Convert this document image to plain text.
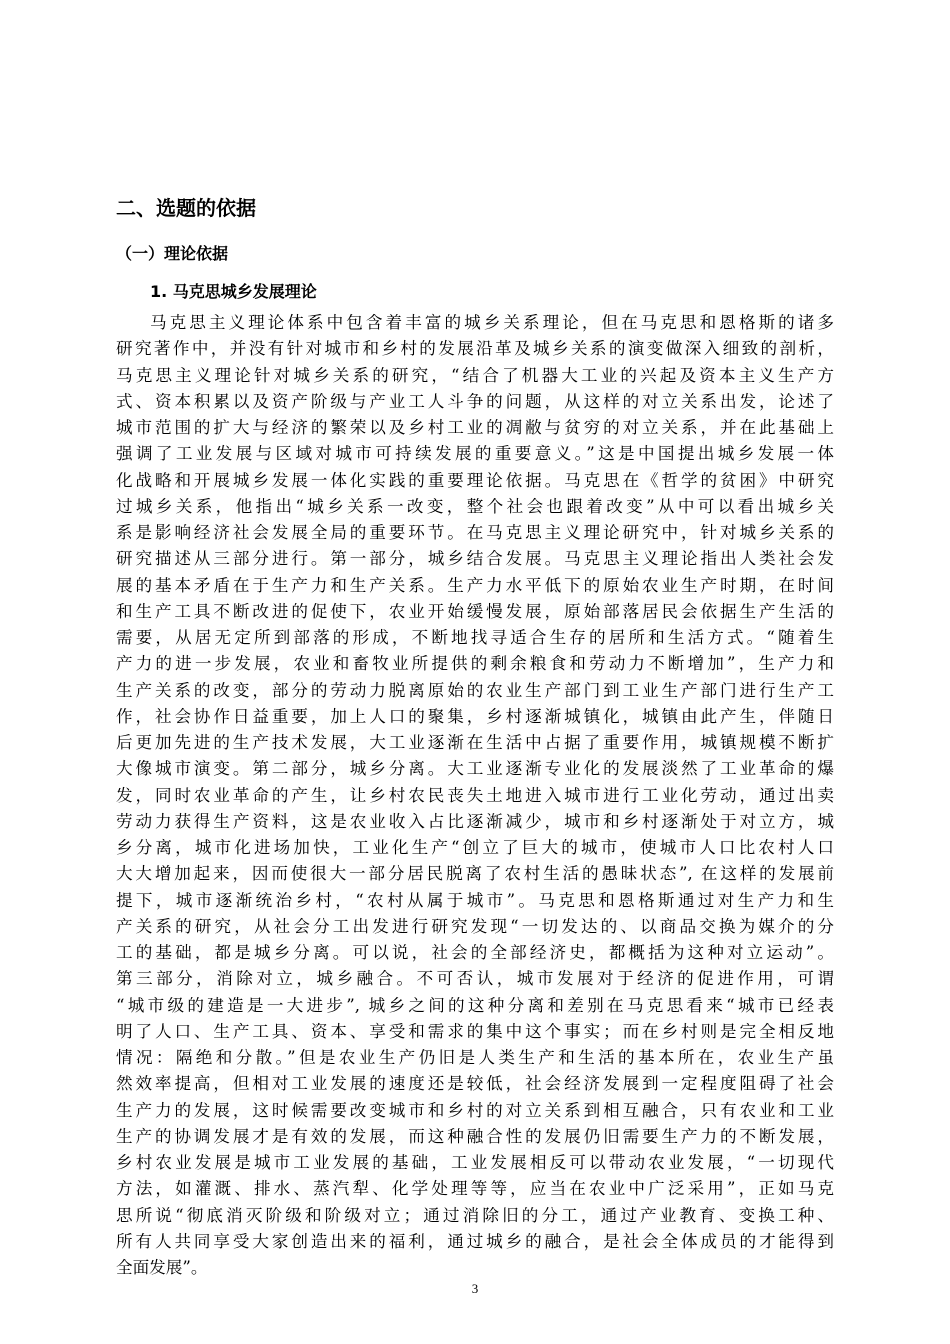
二、选题的依据
（一）理论依据
1. 马克思城乡发展理论
马克思主义理论体系中包含着丰富的城乡关系理论，但在马克思和恩格斯的诸多
研究著作中，并没有针对城市和乡村的发展沿革及城乡关系的演变做深入细致的剖析，
马克思主义理论针对城乡关系的研究，“结合了机器大工业的兴起及资本主义生产方
式、资本积累以及资产阶级与产业工人斗争的问题，从这样的对立关系出发，论述了
城市范围的扩大与经济的繁荣以及乡村工业的凋敝与贫穷的对立关系，并在此基础上
强调了工业发展与区域对城市可持续发展的重要意义。”这是中国提出城乡发展一体
化战略和开展城乡发展一体化实践的重要理论依据。马克思在《哲学的贫困》中研究
过城乡关系，他指出“城乡关系一改变，整个社会也跟着改变”从中可以看出城乡关
系是影响经济社会发展全局的重要环节。在马克思主义理论研究中，针对城乡关系的
研究描述从三部分进行。第一部分，城乡结合发展。马克思主义理论指出人类社会发
展的基本矛盾在于生产力和生产关系。生产力水平低下的原始农业生产时期，在时间
和生产工具不断改进的促使下，农业开始缓慢发展，原始部落居民会依据生产生活的
需要，从居无定所到部落的形成，不断地找寻适合生存的居所和生活方式。“随着生
产力的进一步发展，农业和畜牧业所提供的剩余粮食和劳动力不断增加”，生产力和
生产关系的改变，部分的劳动力脱离原始的农业生产部门到工业生产部门进行生产工
作，社会协作日益重要，加上人口的聚集，乡村逐渐城镇化，城镇由此产生，伴随日
后更加先进的生产技术发展，大工业逐渐在生活中占据了重要作用，城镇规模不断扩
大像城市演变。第二部分，城乡分离。大工业逐渐专业化的发展淡然了工业革命的爆
发，同时农业革命的产生，让乡村农民丧失土地进入城市进行工业化劳动，通过出卖
劳动力获得生产资料，这是农业收入占比逐渐减少，城市和乡村逐渐处于对立方，城
乡分离，城市化进场加快，工业化生产“创立了巨大的城市，使城市人口比农村人口
大大增加起来，因而使很大一部分居民脱离了农村生活的愚昧状态”, 在这样的发展前
提下，城市逐渐统治乡村，“农村从属于城市”。马克思和恩格斯通过对生产力和生
产关系的研究，从社会分工出发进行研究发现“一切发达的、以商品交换为媒介的分
工的基础，都是城乡分离。可以说，社会的全部经济史，都概括为这种对立运动”。
第三部分，消除对立，城乡融合。不可否认，城市发展对于经济的促进作用，可谓
“城市级的建造是一大进步”, 城乡之间的这种分离和差别在马克思看来“城市已经表
明了人口、生产工具、资本、享受和需求的集中这个事实；而在乡村则是完全相反地
情况：隔绝和分散。”但是农业生产仍旧是人类生产和生活的基本所在，农业生产虽
然效率提高，但相对工业发展的速度还是较低，社会经济发展到一定程度阻碍了社会
生产力的发展，这时候需要改变城市和乡村的对立关系到相互融合，只有农业和工业
生产的协调发展才是有效的发展，而这种融合性的发展仍旧需要生产力的不断发展，
乡村农业发展是城市工业发展的基础，工业发展相反可以带动农业发展，“一切现代
方法，如灌溉、排水、蒸汽犁、化学处理等等，应当在农业中广泛采用”，正如马克
思所说“彻底消灭阶级和阶级对立；通过消除旧的分工，通过产业教育、变换工种、
所有人共同享受大家创造出来的福利，通过城乡的融合，是社会全体成员的才能得到
全面发展”。

3
